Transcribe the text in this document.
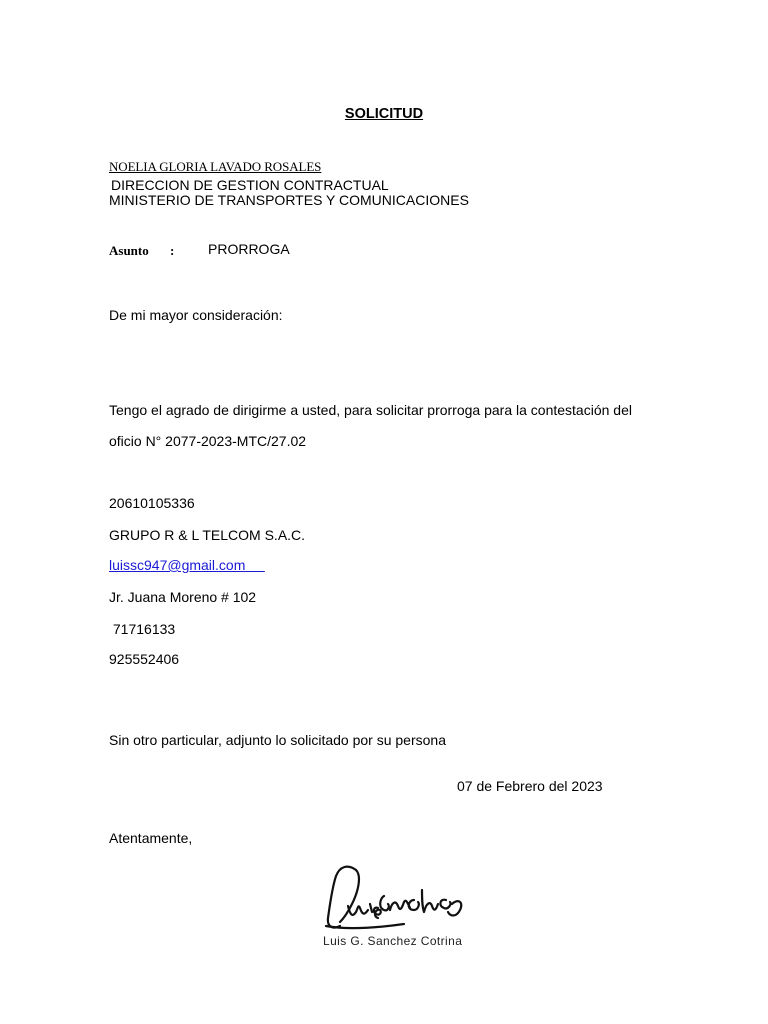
SOLICITUD
NOELIA GLORIA LAVADO ROSALES
DIRECCION DE GESTION CONTRACTUAL
MINISTERIO DE TRANSPORTES Y COMUNICACIONES
Asunto : PRORROGA
De mi mayor consideración:
Tengo el agrado de dirigirme a usted, para solicitar prorroga para la contestación del
oficio N° 2077-2023-MTC/27.02
20610105336
GRUPO R & L TELCOM S.A.C.
luissc947@gmail.com
Jr. Juana Moreno # 102
71716133
925552406
Sin otro particular, adjunto lo solicitado por su persona
07 de Febrero del 2023
Atentamente,
Luis G. Sanchez Cotrina
